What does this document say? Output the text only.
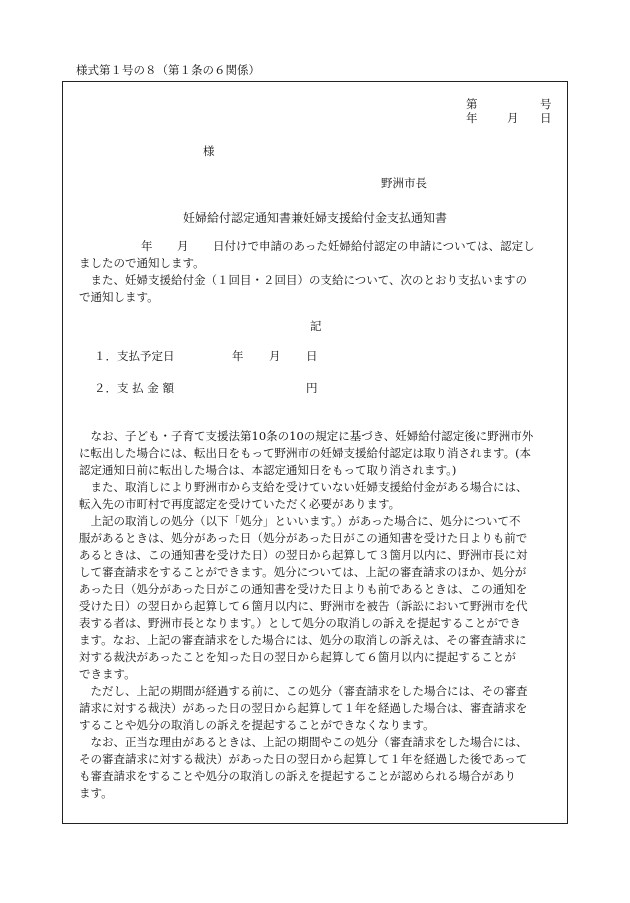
様式第１号の８（第１条の６関係）
第	号
年	月 日
様
野洲市長
妊婦給付認定通知書兼妊婦支援給付金支払通知書
年 月 日付けで申請のあった妊婦給付認定の申請については、認定し
ましたので通知します。
　また、妊婦支援給付金（１回目・２回目）の支給について、次のとおり支払いますの
で通知します。
記
１．支払予定日	年 月 日
２．支 払 金 額	円
　なお、子ども・子育て支援法第10条の10の規定に基づき、妊婦給付認定後に野洲市外
に転出した場合には、転出日をもって野洲市の妊婦支援給付認定は取り消されます。(本
認定通知日前に転出した場合は、本認定通知日をもって取り消されます。)
　また、取消しにより野洲市から支給を受けていない妊婦支援給付金がある場合には、
転入先の市町村で再度認定を受けていただく必要があります。
　上記の取消しの処分（以下「処分」といいます。）があった場合に、処分について不
服があるときは、処分があった日（処分があった日がこの通知書を受けた日よりも前で
あるときは、この通知書を受けた日）の翌日から起算して３箇月以内に、野洲市長に対
して審査請求をすることができます。処分については、上記の審査請求のほか、処分が
あった日（処分があった日がこの通知書を受けた日よりも前であるときは、この通知を
受けた日）の翌日から起算して６箇月以内に、野洲市を被告（訴訟において野洲市を代
表する者は、野洲市長となります。）として処分の取消しの訴えを提起することができ
ます。なお、上記の審査請求をした場合には、処分の取消しの訴えは、その審査請求に
対する裁決があったことを知った日の翌日から起算して６箇月以内に提起することが
できます。
　ただし、上記の期間が経過する前に、この処分（審査請求をした場合には、その審査
請求に対する裁決）があった日の翌日から起算して１年を経過した場合は、審査請求を
することや処分の取消しの訴えを提起することができなくなります。
　なお、正当な理由があるときは、上記の期間やこの処分（審査請求をした場合には、
その審査請求に対する裁決）があった日の翌日から起算して１年を経過した後であって
も審査請求をすることや処分の取消しの訴えを提起することが認められる場合があり
ます。
